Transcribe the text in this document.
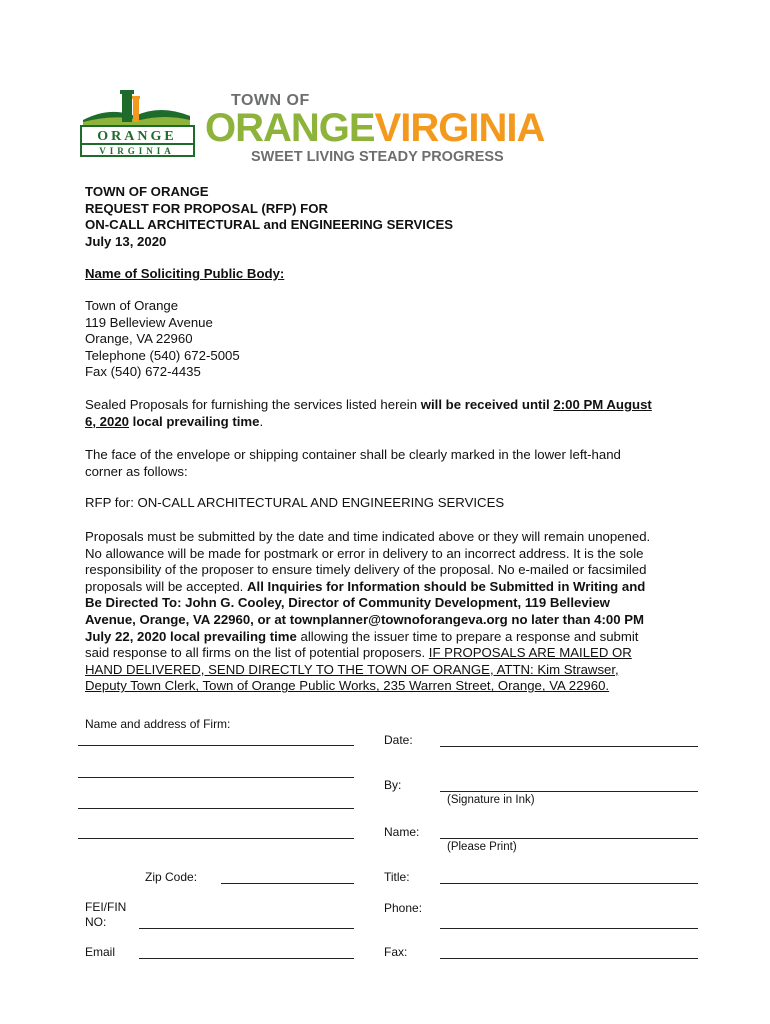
ORANGE
VIRGINIA
TOWN OF
ORANGEVIRGINIA
SWEET LIVING STEADY PROGRESS
TOWN OF ORANGE
REQUEST FOR PROPOSAL (RFP) FOR
ON-CALL ARCHITECTURAL and ENGINEERING SERVICES
July 13, 2020
Name of Soliciting Public Body:
Town of Orange
119 Belleview Avenue
Orange, VA 22960
Telephone (540) 672-5005
Fax (540) 672-4435
Sealed Proposals for furnishing the services listed herein will be received until 2:00 PM August
6, 2020 local prevailing time.
The face of the envelope or shipping container shall be clearly marked in the lower left-hand
corner as follows:
RFP for: ON-CALL ARCHITECTURAL AND ENGINEERING SERVICES
Proposals must be submitted by the date and time indicated above or they will remain unopened.
No allowance will be made for postmark or error in delivery to an incorrect address. It is the sole
responsibility of the proposer to ensure timely delivery of the proposal. No e-mailed or facsimiled
proposals will be accepted. All Inquiries for Information should be Submitted in Writing and
Be Directed To: John G. Cooley, Director of Community Development, 119 Belleview
Avenue, Orange, VA 22960, or at townplanner@townoforangeva.org no later than 4:00 PM
July 22, 2020 local prevailing time allowing the issuer time to prepare a response and submit
said response to all firms on the list of potential proposers. IF PROPOSALS ARE MAILED OR
HAND DELIVERED, SEND DIRECTLY TO THE TOWN OF ORANGE, ATTN: Kim Strawser,
Deputy Town Clerk, Town of Orange Public Works, 235 Warren Street, Orange, VA 22960.
Name and address of Firm:
Zip Code:
FEI/FIN
NO:
Email
Date:
By:
(Signature in Ink)
Name:
(Please Print)
Title:
Phone:
Fax:
